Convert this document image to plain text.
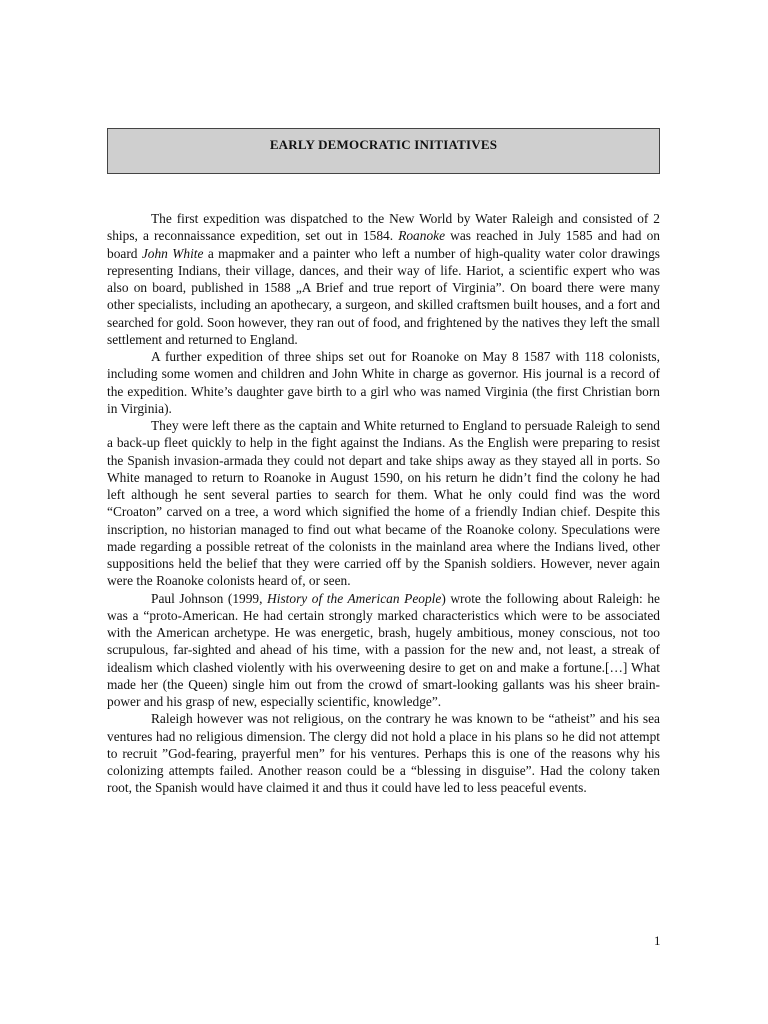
EARLY DEMOCRATIC INITIATIVES

The first expedition was dispatched to the New World by Water Raleigh and consisted of 2 ships, a reconnaissance expedition, set out in 1584. Roanoke was reached in July 1585 and had on board John White a mapmaker and a painter who left a number of high-quality water color drawings representing Indians, their village, dances, and their way of life. Hariot, a scientific expert who was also on board, published in 1588 „A Brief and true report of Virginia”. On board there were many other specialists, including an apothecary, a surgeon, and skilled craftsmen built houses, and a fort and searched for gold. Soon however, they ran out of food, and frightened by the natives they left the small settlement and returned to England.

A further expedition of three ships set out for Roanoke on May 8 1587 with 118 colonists, including some women and children and John White in charge as governor. His journal is a record of the expedition. White’s daughter gave birth to a girl who was named Virginia (the first Christian born in Virginia).

They were left there as the captain and White returned to England to persuade Raleigh to send a back-up fleet quickly to help in the fight against the Indians. As the English were preparing to resist the Spanish invasion-armada they could not depart and take ships away as they stayed all in ports. So White managed to return to Roanoke in August 1590, on his return he didn’t find the colony he had left although he sent several parties to search for them. What he only could find was the word “Croaton” carved on a tree, a word which signified the home of a friendly Indian chief. Despite this inscription, no historian managed to find out what became of the Roanoke colony. Speculations were made regarding a possible retreat of the colonists in the mainland area where the Indians lived, other suppositions held the belief that they were carried off by the Spanish soldiers. However, never again were the Roanoke colonists heard of, or seen.

Paul Johnson (1999, History of the American People) wrote the following about Raleigh: he was a “proto-American. He had certain strongly marked characteristics which were to be associated with the American archetype. He was energetic, brash, hugely ambitious, money conscious, not too scrupulous, far-sighted and ahead of his time, with a passion for the new and, not least, a streak of idealism which clashed violently with his overweening desire to get on and make a fortune.[…] What made her (the Queen) single him out from the crowd of smart-looking gallants was his sheer brain-power and his grasp of new, especially scientific, knowledge”.

Raleigh however was not religious, on the contrary he was known to be “atheist” and his sea ventures had no religious dimension. The clergy did not hold a place in his plans so he did not attempt to recruit ”God-fearing, prayerful men” for his ventures. Perhaps this is one of the reasons why his colonizing attempts failed. Another reason could be a “blessing in disguise”. Had the colony taken root, the Spanish would have claimed it and thus it could have led to less peaceful events.

1
